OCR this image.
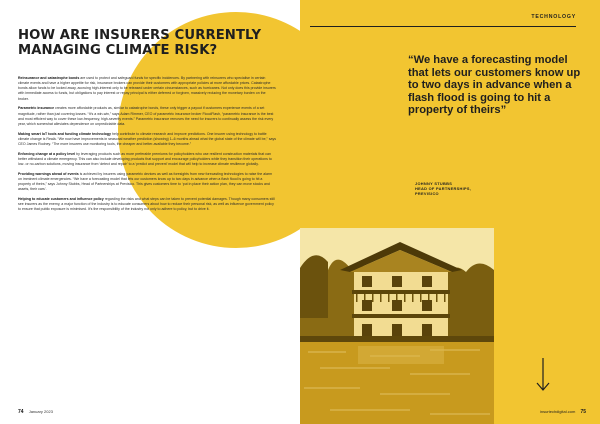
HOW ARE INSURERS CURRENTLY MANAGING CLIMATE RISK?

Reinsurance and catastrophe bonds are used to protect and safeguard funds for specific incidences. By partnering with reinsurers who specialise in certain climate events and have a higher appetite for risk, insurance brokers can provide their customers with appropriate policies at more affordable prices. Catastrophe bonds allow funds to be locked away, accruing high-interest only to be released under certain circumstances, such as hurricanes. Not only does this provide insurers with immediate access to funds, but obligations to pay interest or repay principal is either deferred or forgiven, massively reducing the monetary burden on the broker.

Parametric insurance creates more affordable products as, similar to catastrophe bonds, these only trigger a payout if customers experience events of a set magnitude, rather than just covering losses. “It’s a win-win,” says Adam Rimmer, CEO of parametric insurance broker FloodFlash, “parametric insurance is the best and most efficient way to cover these low-frequency, high-severity events.” Parametric insurance removes the need for insurers to continually assess the risk every year, which somewhat alleviates dependence on unpredictable data.

Making smart IoT tools and funding climate technology help contribute to climate research and improve predictions. One insurer using technology to battle climate change is Realá. “We now have improvements in seasonal weather prediction (showing) 1–6 months ahead what the global state of the climate will be,” says CEO James Rodney. “The more insurers use monitoring tools, the cheaper and better-available they become.”

Enforcing change at a policy level by leveraging products such as more preferable premiums for policyholders who use resilient construction materials that can better withstand a climate emergency. This can also include developing products that support and encourage policyholders while they transition their operations to low- or no-carbon solutions, moving insurance from ‘detect and repair’ to a ‘predict and prevent’ model that will help to increase climate resilience globally.

Providing warnings ahead of events is achieved by insurers using parametric devices as well as foresights from new forecasting technologies to raise the alarm on imminent climate emergencies. “We have a forecasting model that lets our customers know up to two days in advance when a flash flood is going to hit a property of theirs,” says Johnny Stubbs, Head of Partnerships at Previsico. This gives customers time to ‘put in place their action plan, they can move stocks and assets, their cars’.

Helping to educate customers and influence policy regarding the risks and what steps can be taken to prevent potential damages. Though many consumers still see insurers as the enemy, a major function of the industry is to educate consumers about how to reduce their personal risk, as well as influence government policy to ensure that public exposure is minimised. It’s the responsibility of the industry not only to adhere to policy, but to drive it.

74 January 2023
TECHNOLOGY

“We have a forecasting model that lets our customers know up to two days in advance when a flash flood is going to hit a property of theirs”

JOHNNY STUBBS
HEAD OF PARTNERSHIPS,
PREVISICO
insurtechdigital.com 75
